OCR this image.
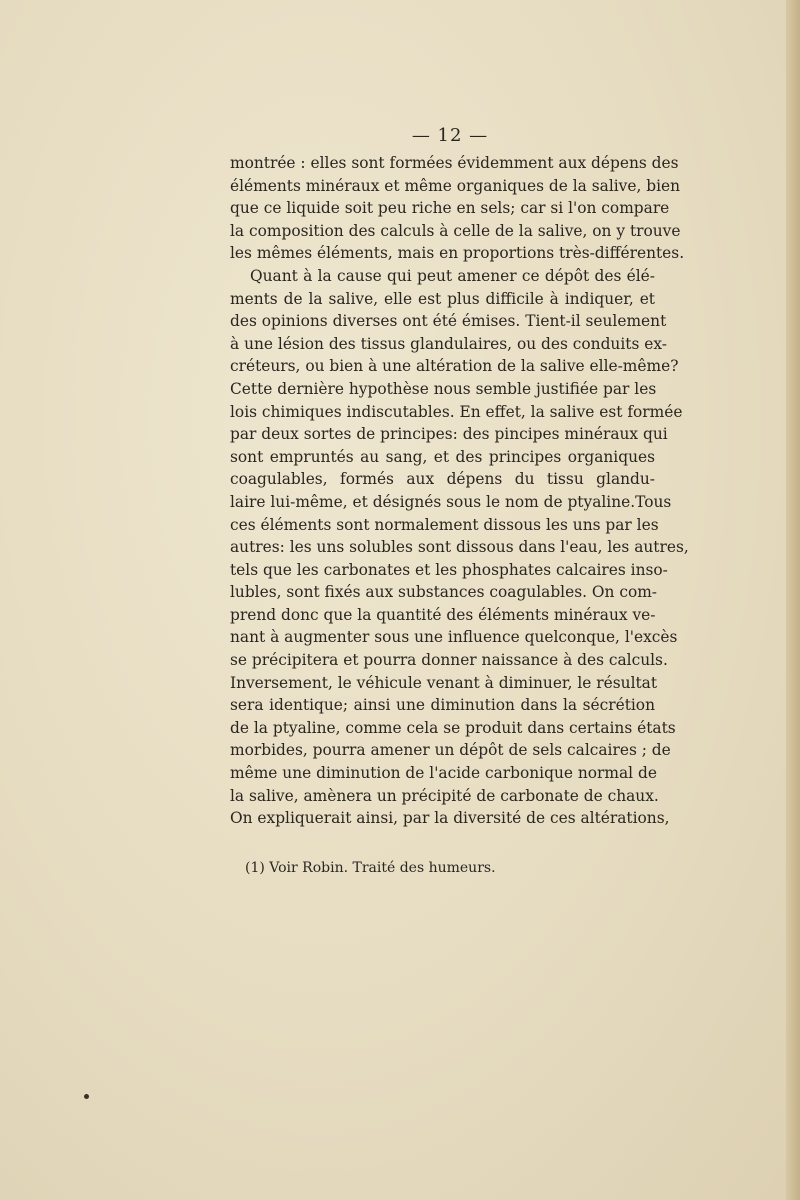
— 12 —
montrée : elles sont formées évidemment aux dépens des
éléments minéraux et même organiques de la salive, bien
que ce liquide soit peu riche en sels; car si l'on compare
la composition des calculs à celle de la salive, on y trouve
les mêmes éléments, mais en proportions très-différentes.
Quant à la cause qui peut amener ce dépôt des élé-
ments de la salive, elle est plus difficile à indiquer, et
des opinions diverses ont été émises. Tient-il seulement
à une lésion des tissus glandulaires, ou des conduits ex-
créteurs, ou bien à une altération de la salive elle-même?
Cette dernière hypothèse nous semble justifiée par les
lois chimiques indiscutables. En effet, la salive est formée
par deux sortes de principes: des pincipes minéraux qui
sont empruntés au sang, et des principes organiques
coagulables, formés aux dépens du tissu glandu-
laire lui-même, et désignés sous le nom de ptyaline.Tous
ces éléments sont normalement dissous les uns par les
autres: les uns solubles sont dissous dans l'eau, les autres,
tels que les carbonates et les phosphates calcaires inso-
lubles, sont fixés aux substances coagulables. On com-
prend donc que la quantité des éléments minéraux ve-
nant à augmenter sous une influence quelconque, l'excès
se précipitera et pourra donner naissance à des calculs.
Inversement, le véhicule venant à diminuer, le résultat
sera identique; ainsi une diminution dans la sécrétion
de la ptyaline, comme cela se produit dans certains états
morbides, pourra amener un dépôt de sels calcaires ; de
même une diminution de l'acide carbonique normal de
la salive, amènera un précipité de carbonate de chaux.
On expliquerait ainsi, par la diversité de ces altérations,
(1) Voir Robin. Traité des humeurs.
